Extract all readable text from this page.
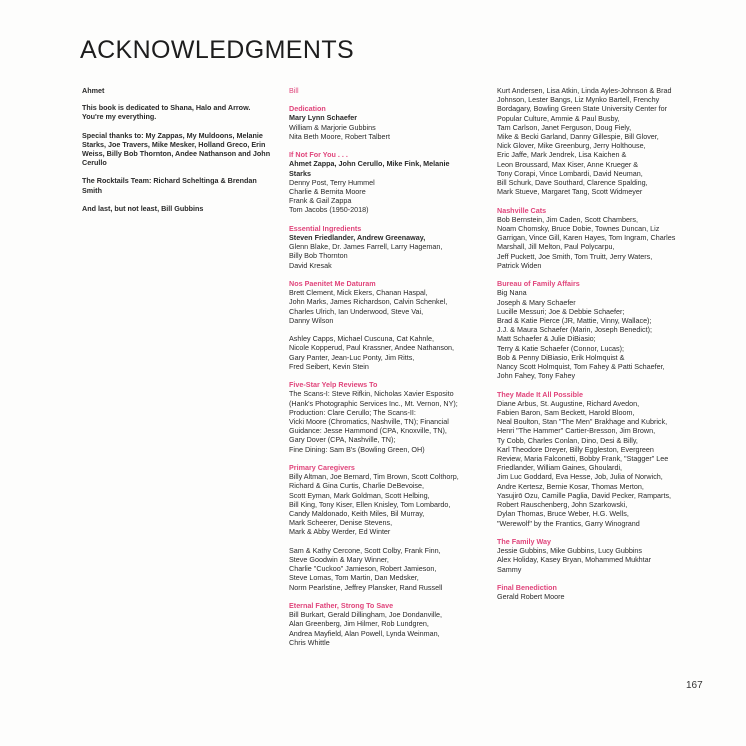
ACKNOWLEDGMENTS

Ahmet

This book is dedicated to Shana, Halo and Arrow. You're my everything.

Special thanks to: My Zappas, My Muldoons, Melanie Starks, Joe Travers, Mike Mesker, Holland Greco, Erin Weiss, Billy Bob Thornton, Andee Nathanson and John Cerullo

The Rocktails Team: Richard Scheltinga & Brendan Smith

And last, but not least, Bill Gubbins

Bill
Dedication
Mary Lynn Schaefer
William & Marjorie Gubbins
Nita Beth Moore, Robert Talbert
If Not For You . . .
Ahmet Zappa, John Cerullo, Mike Fink, Melanie
Starks
Denny Post, Terry Hummel
Charlie & Bernita Moore
Frank & Gail Zappa
Tom Jacobs (1950-2018)
Essential Ingredients
Steven Friedlander, Andrew Greenaway,
Glenn Blake, Dr. James Farrell, Larry Hageman,
Billy Bob Thornton
David Kresak
Nos Paenitet Me Daturam
Brett Clement, Mick Ekers, Chanan Haspal,
John Marks, James Richardson, Calvin Schenkel,
Charles Ulrich, Ian Underwood, Steve Vai,
Danny Wilson
Ashley Capps, Michael Cuscuna, Cat Kahnle,
Nicole Kopperud, Paul Krassner, Andee Nathanson,
Gary Panter, Jean-Luc Ponty, Jim Ritts,
Fred Seibert, Kevin Stein
Five-Star Yelp Reviews To
The Scans-I: Steve Rifkin, Nicholas Xavier Esposito
(Hank's Photographic Services Inc., Mt. Vernon, NY);
Production: Clare Cerullo; The Scans-II:
Vicki Moore (Chromatics, Nashville, TN); Financial
Guidance: Jesse Hammond (CPA, Knoxville, TN),
Gary Dover (CPA, Nashville, TN);
Fine Dining: Sam B's (Bowling Green, OH)
Primary Caregivers
Billy Altman, Joe Bernard, Tim Brown, Scott Colthorp,
Richard & Gina Curtis, Charlie DeBevoise,
Scott Eyman, Mark Goldman, Scott Helbing,
Bill King, Tony Kiser, Ellen Knisley, Tom Lombardo,
Candy Maldonado, Keith Miles, Bil Murray,
Mark Scheerer, Denise Stevens,
Mark & Abby Werder, Ed Winter
Sam & Kathy Cercone, Scott Colby, Frank Finn,
Steve Goodwin & Mary Winner,
Charlie "Cuckoo" Jamieson, Robert Jamieson,
Steve Lomas, Tom Martin, Dan Medsker,
Norm Pearlstine, Jeffrey Plansker, Rand Russell
Eternal Father, Strong To Save
Bill Burkart, Gerald Dillingham, Joe Dondanville,
Alan Greenberg, Jim Hilmer, Rob Lundgren,
Andrea Mayfield, Alan Powell, Lynda Weinman,
Chris Whittle
Kurt Andersen, Lisa Atkin, Linda Ayles-Johnson & Brad
Johnson, Lester Bangs, Liz Mynko Bartell, Frenchy
Bordagary, Bowling Green State University Center for
Popular Culture, Ammie & Paul Busby,
Tam Carlson, Janet Ferguson, Doug Fiely,
Mike & Becki Garland, Danny Gillespie, Bill Glover,
Nick Glover, Mike Greenburg, Jerry Holthouse,
Eric Jaffe, Mark Jendrek, Lisa Kaichen &
Leon Broussard, Max Kiser, Anne Krueger &
Tony Corapi, Vince Lombardi, David Neuman,
Bill Schurk, Dave Southard, Clarence Spalding,
Mark Stueve, Margaret Tang, Scott Widmeyer
Nashville Cats
Bob Bernstein, Jim Caden, Scott Chambers,
Noam Chomsky, Bruce Dobie, Townes Duncan, Liz
Garrigan, Vince Gill, Karen Hayes, Tom Ingram, Charles
Marshall, Jill Melton, Paul Polycarpu,
Jeff Puckett, Joe Smith, Tom Truitt, Jerry Waters,
Patrick Widen
Bureau of Family Affairs
Big Nana
Joseph & Mary Schaefer
Lucille Messuri; Joe & Debbie Schaefer;
Brad & Katie Pierce (JR, Mattie, Vinny, Wallace);
J.J. & Maura Schaefer (Marin, Joseph Benedict);
Matt Schaefer & Julie DiBiasio;
Terry & Katie Schaefer (Connor, Lucas);
Bob & Penny DiBiasio, Erik Holmquist &
Nancy Scott Holmquist, Tom Fahey & Patti Schaefer,
John Fahey, Tony Fahey
They Made It All Possible
Diane Arbus, St. Augustine, Richard Avedon,
Fabien Baron, Sam Beckett, Harold Bloom,
Neal Boulton, Stan "The Men" Brakhage and Kubrick,
Henri "The Hammer" Cartier-Bresson, Jim Brown,
Ty Cobb, Charles Conlan, Dino, Desi & Billy,
Karl Theodore Dreyer, Billy Eggleston, Evergreen
Review, Maria Falconetti, Bobby Frank, "Stagger" Lee
Friedlander, William Gaines, Ghoulardi,
Jim Luc Goddard, Eva Hesse, Job, Julia of Norwich,
Andre Kertesz, Bernie Kosar, Thomas Merton,
Yasujirō Ozu, Camille Paglia, David Pecker, Ramparts,
Robert Rauschenberg, John Szarkowski,
Dylan Thomas, Bruce Weber, H.G. Wells,
"Werewolf" by the Frantics, Garry Winogrand
The Family Way
Jessie Gubbins, Mike Gubbins, Lucy Gubbins
Alex Holiday, Kasey Bryan, Mohammed Mukhtar
Sammy
Final Benediction
Gerald Robert Moore
167
